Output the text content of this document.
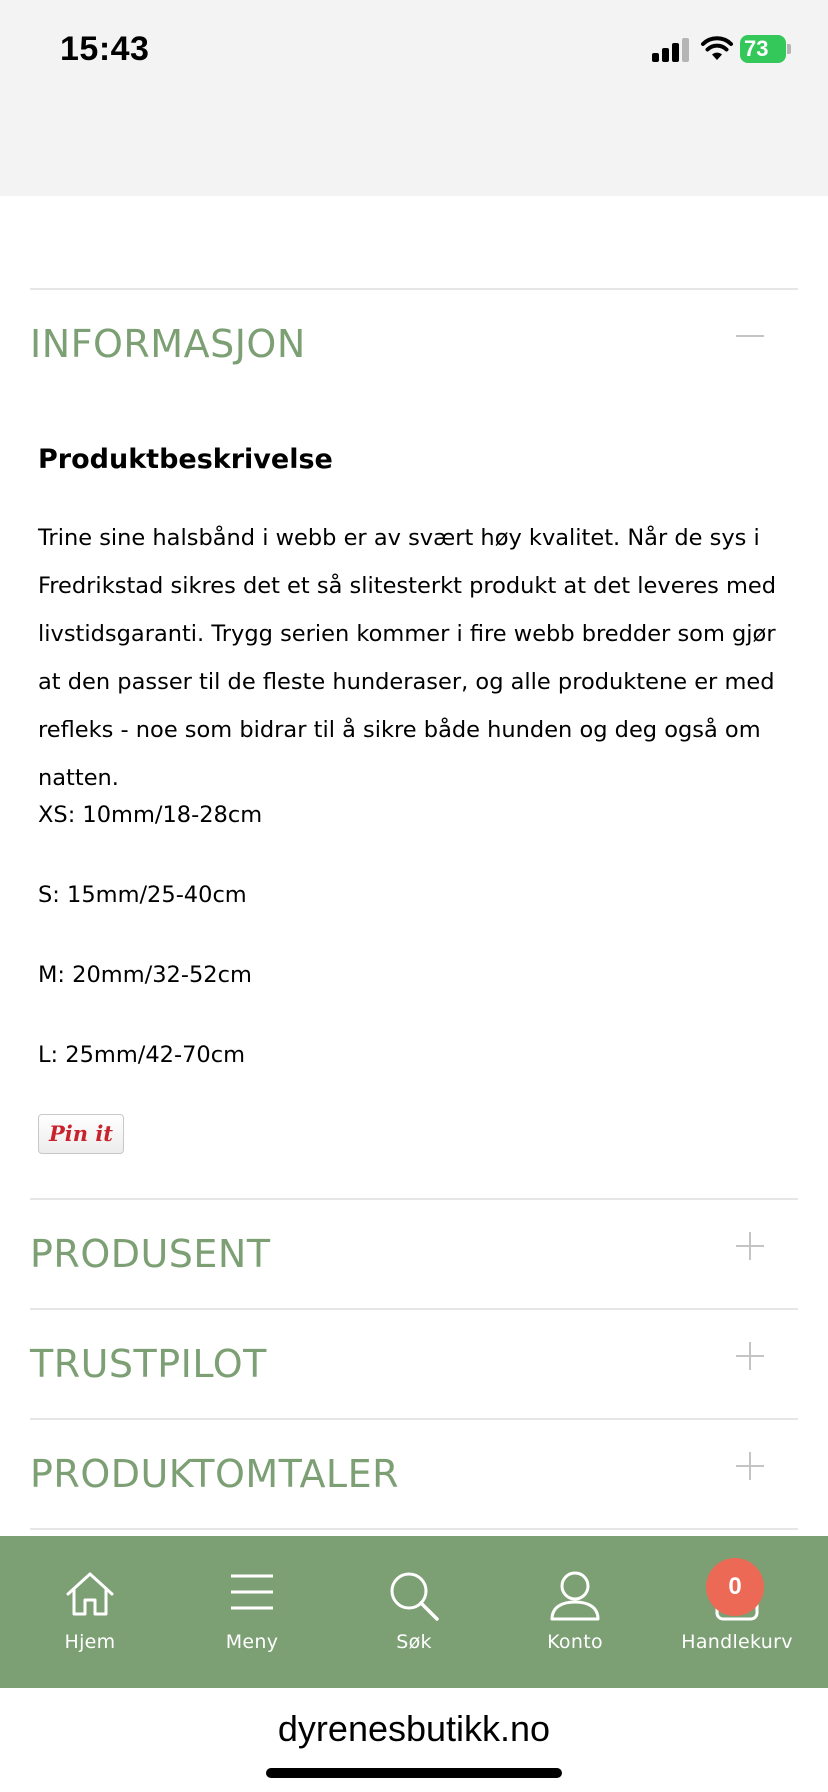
15:43	73
INFORMASJON
Produktbeskrivelse
Trine sine halsbånd i webb er av svært høy kvalitet. Når de sys i Fredrikstad sikres det et så slitesterkt produkt at det leveres med livstidsgaranti. Trygg serien kommer i fire webb bredder som gjør at den passer til de fleste hunderaser, og alle produktene er med refleks - noe som bidrar til å sikre både hunden og deg også om natten.
XS: 10mm/18-28cm
S: 15mm/25-40cm
M: 20mm/32-52cm
L: 25mm/42-70cm
Pin it
PRODUSENT
TRUSTPILOT
PRODUKTOMTALER
Hjem	Meny	Søk	Konto	Handlekurv
0
dyrenesbutikk.no
